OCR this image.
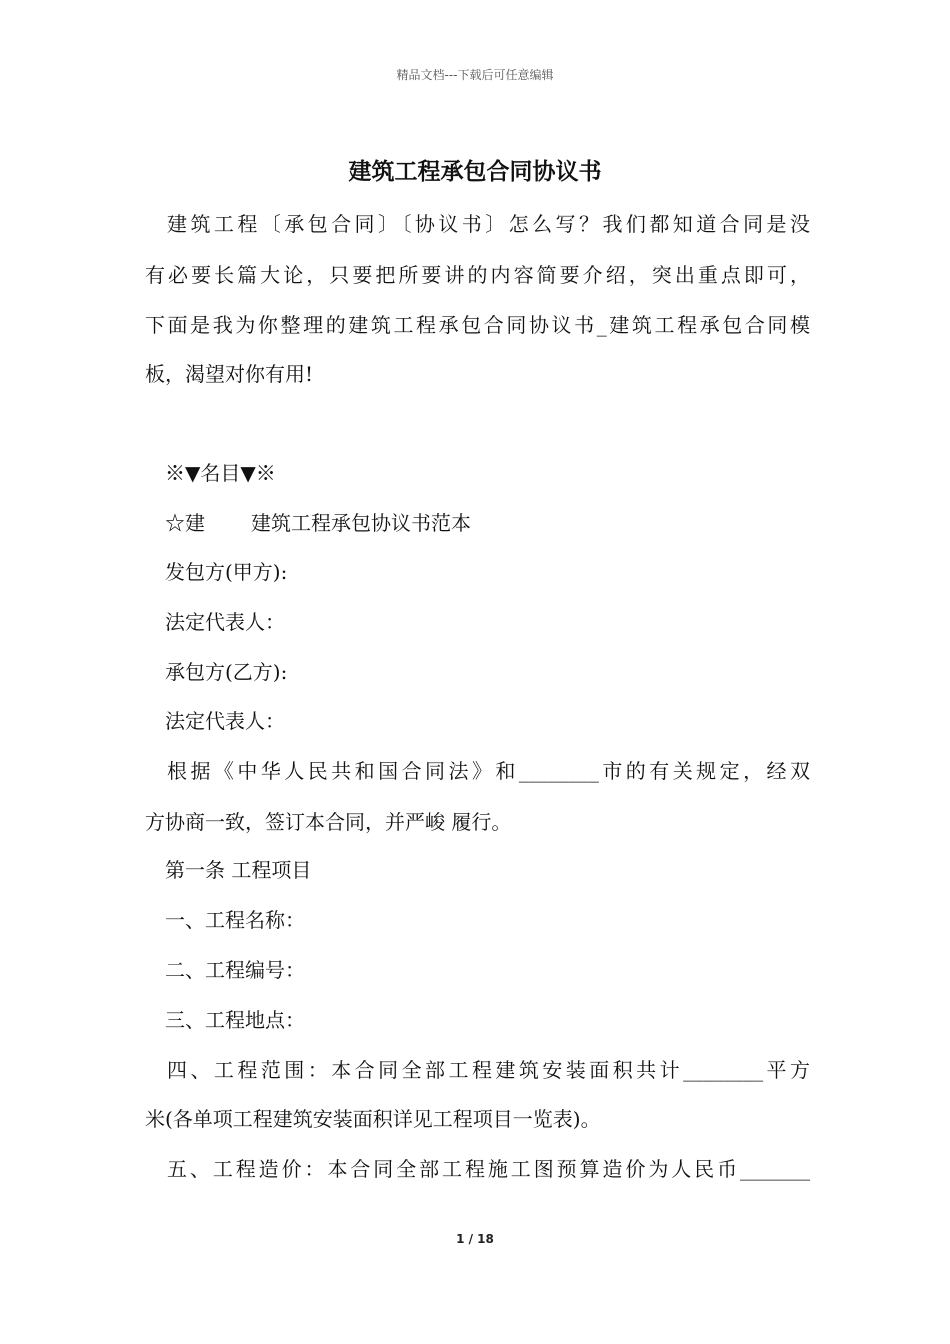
精品文档---下载后可任意编辑
建筑工程承包合同协议书
建筑工程〔承包合同〕〔协议书〕怎么写？我们都知道合同是没
有必要长篇大论，只要把所要讲的内容简要介绍，突出重点即可，
下面是我为你整理的建筑工程承包合同协议书_建筑工程承包合同模
板，渴望对你有用!
※▼名目▼※
☆建 建筑工程承包协议书范本
发包方(甲方):
法定代表人：
承包方(乙方):
法定代表人：
根据《中华人民共和国合同法》和________市的有关规定，经双
方协商一致，签订本合同，并严峻 履行。
第一条 工程项目
一、工程名称：
二、工程编号：
三、工程地点：
四、工程范围：本合同全部工程建筑安装面积共计________平方
米(各单项工程建筑安装面积详见工程项目一览表)。
五、工程造价：本合同全部工程施工图预算造价为人民币_______
1 / 18
